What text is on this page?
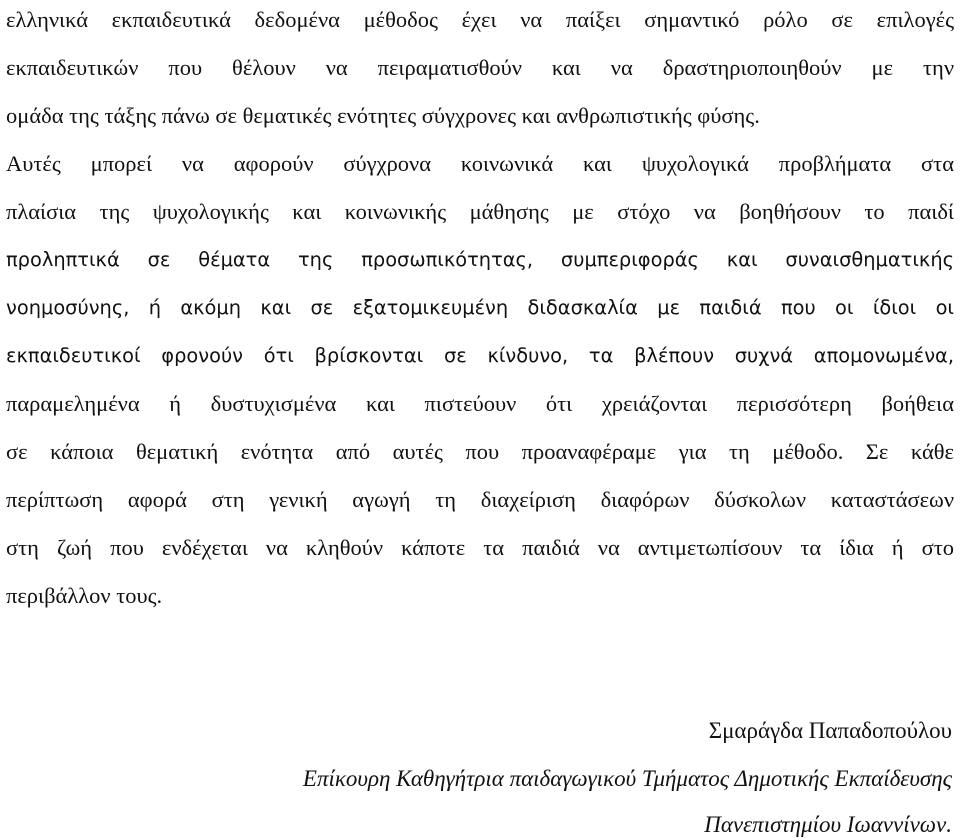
ελληνικά εκπαιδευτικά δεδομένα μέθοδος έχει να παίξει σημαντικό ρόλο σε επιλογές
εκπαιδευτικών που θέλουν να πειραματισθούν και να δραστηριοποιηθούν με την
ομάδα της τάξης πάνω σε θεματικές ενότητες σύγχρονες και ανθρωπιστικής φύσης.
Αυτές μπορεί να αφορούν σύγχρονα κοινωνικά και ψυχολογικά προβλήματα στα
πλαίσια της ψυχολογικής και κοινωνικής μάθησης με στόχο να βοηθήσουν το παιδί
προληπτικά σε θέματα της προσωπικότητας, συμπεριφοράς και συναισθηματικής
νοημοσύνης, ή ακόμη και σε εξατομικευμένη διδασκαλία με παιδιά που οι ίδιοι οι
εκπαιδευτικοί φρονούν ότι βρίσκονται σε κίνδυνο, τα βλέπουν συχνά απομονωμένα,
παραμελημένα ή δυστυχισμένα και πιστεύουν ότι χρειάζονται περισσότερη βοήθεια
σε κάποια θεματική ενότητα από αυτές που προαναφέραμε για τη μέθοδο. Σε κάθε
περίπτωση αφορά στη γενική αγωγή τη διαχείριση διαφόρων δύσκολων καταστάσεων
στη ζωή που ενδέχεται να κληθούν κάποτε τα παιδιά να αντιμετωπίσουν τα ίδια ή στο
περιβάλλον τους.
Σμαράγδα Παπαδοπούλου
Επίκουρη Καθηγήτρια παιδαγωγικού Τμήματος Δημοτικής Εκπαίδευσης
Πανεπιστημίου Ιωαννίνων.
